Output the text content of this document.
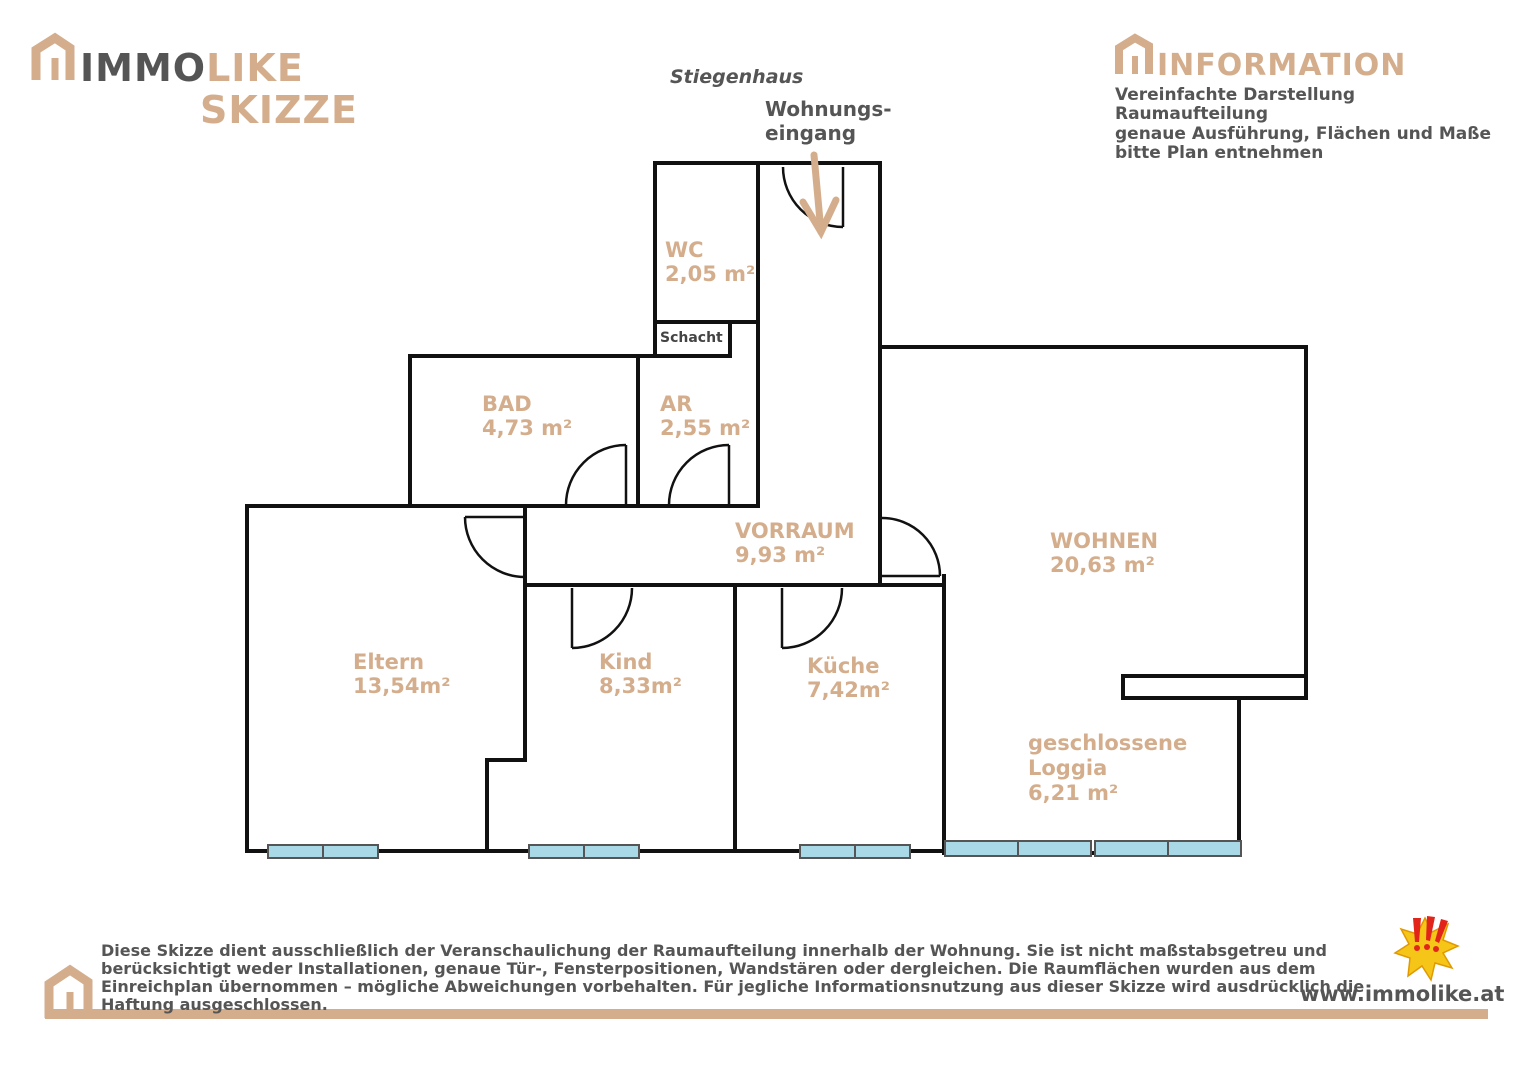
IMMOLIKE
SKIZZE
INFORMATION
Vereinfachte Darstellung
Raumaufteilung
genaue Ausführung, Flächen und Maße
bitte Plan entnehmen
Stiegenhaus
Wohnungs-
eingang
Schacht
WC
2,05 m²
BAD
4,73 m²
AR
2,55 m²
VORRAUM
9,93 m²
WOHNEN
20,63 m²
Eltern
13,54m²
Kind
8,33m²
Küche
7,42m²
geschlossene
Loggia
6,21 m²
Diese Skizze dient ausschließlich der Veranschaulichung der Raumaufteilung innerhalb der Wohnung. Sie ist nicht maßstabsgetreu und berücksichtigt weder Installationen, genaue Tür-, Fensterpositionen, Wandstären oder dergleichen. Die Raumflächen wurden aus dem Einreichplan übernommen – mögliche Abweichungen vorbehalten. Für jegliche Informationsnutzung aus dieser Skizze wird ausdrücklich die Haftung ausgeschlossen.	www.immolike.at
